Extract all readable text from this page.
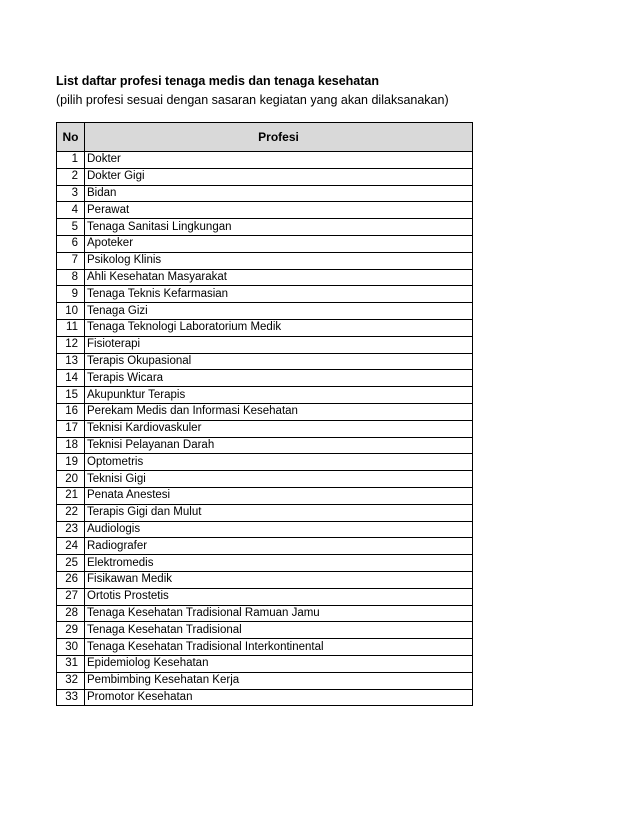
List daftar profesi tenaga medis dan tenaga kesehatan
(pilih profesi sesuai dengan sasaran kegiatan yang akan dilaksanakan)
No	Profesi
1	Dokter
2	Dokter Gigi
3	Bidan
4	Perawat
5	Tenaga Sanitasi Lingkungan
6	Apoteker
7	Psikolog Klinis
8	Ahli Kesehatan Masyarakat
9	Tenaga Teknis Kefarmasian
10	Tenaga Gizi
11	Tenaga Teknologi Laboratorium Medik
12	Fisioterapi
13	Terapis Okupasional
14	Terapis Wicara
15	Akupunktur Terapis
16	Perekam Medis dan Informasi Kesehatan
17	Teknisi Kardiovaskuler
18	Teknisi Pelayanan Darah
19	Optometris
20	Teknisi Gigi
21	Penata Anestesi
22	Terapis Gigi dan Mulut
23	Audiologis
24	Radiografer
25	Elektromedis
26	Fisikawan Medik
27	Ortotis Prostetis
28	Tenaga Kesehatan Tradisional Ramuan Jamu
29	Tenaga Kesehatan Tradisional
30	Tenaga Kesehatan Tradisional Interkontinental
31	Epidemiolog Kesehatan
32	Pembimbing Kesehatan Kerja
33	Promotor Kesehatan
